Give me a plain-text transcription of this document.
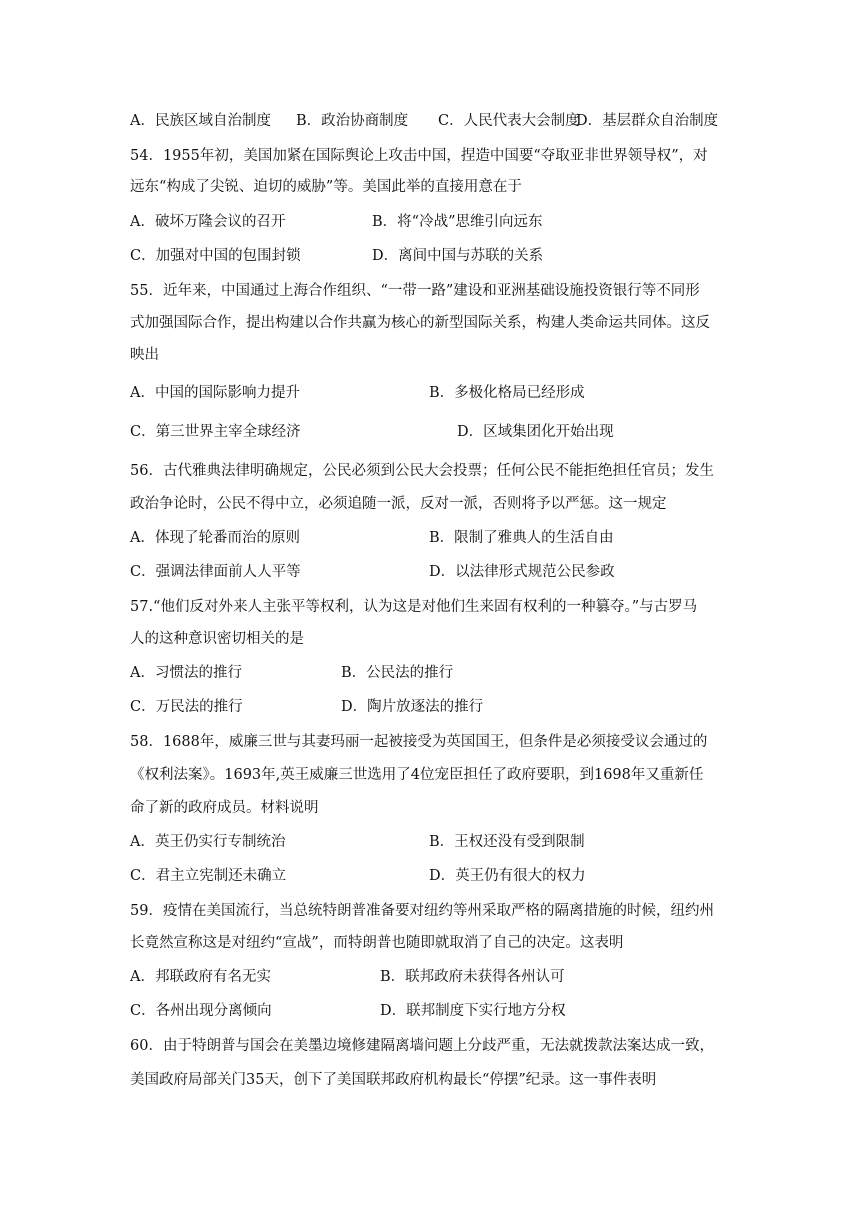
A．民族区域自治制度 B．政治协商制度 C．人民代表大会制度
D．基层群众自治制度
54．1955年初，美国加紧在国际舆论上攻击中国，捏造中国要“夺取亚非世界领导权”，对
远东“构成了尖锐、迫切的威胁”等。美国此举的直接用意在于
A．破坏万隆会议的召开	B．将“冷战”思维引向远东
C．加强对中国的包围封锁	D．离间中国与苏联的关系
55．近年来，中国通过上海合作组织、“一带一路”建设和亚洲基础设施投资银行等不同形
式加强国际合作，提出构建以合作共赢为核心的新型国际关系，构建人类命运共同体。这反
映出
A．中国的国际影响力提升	B．多极化格局已经形成
C．第三世界主宰全球经济	D．区域集团化开始出现
56．古代雅典法律明确规定，公民必须到公民大会投票；任何公民不能拒绝担任官员；发生
政治争论时，公民不得中立，必须追随一派，反对一派，否则将予以严惩。这一规定
A．体现了轮番而治的原则	B．限制了雅典人的生活自由
C．强调法律面前人人平等	D．以法律形式规范公民参政
57.“他们反对外来人主张平等权利，认为这是对他们生来固有权利的一种篡夺。”与古罗马
人的这种意识密切相关的是
A．习惯法的推行	B．公民法的推行
C．万民法的推行	D．陶片放逐法的推行
58．1688年，威廉三世与其妻玛丽一起被接受为英国国王，但条件是必须接受议会通过的
《权利法案》。1693年,英王威廉三世选用了4位宠臣担任了政府要职，到1698年又重新任
命了新的政府成员。材料说明
A．英王仍实行专制统治	B．王权还没有受到限制
C．君主立宪制还未确立	D．英王仍有很大的权力
59．疫情在美国流行，当总统特朗普准备要对纽约等州采取严格的隔离措施的时候，纽约州
长竟然宣称这是对纽约“宣战”，而特朗普也随即就取消了自己的决定。这表明
A．邦联政府有名无实	B．联邦政府未获得各州认可
C．各州出现分离倾向	D．联邦制度下实行地方分权
60．由于特朗普与国会在美墨边境修建隔离墙问题上分歧严重，无法就拨款法案达成一致，
美国政府局部关门35天，创下了美国联邦政府机构最长“停摆”纪录。这一事件表明
